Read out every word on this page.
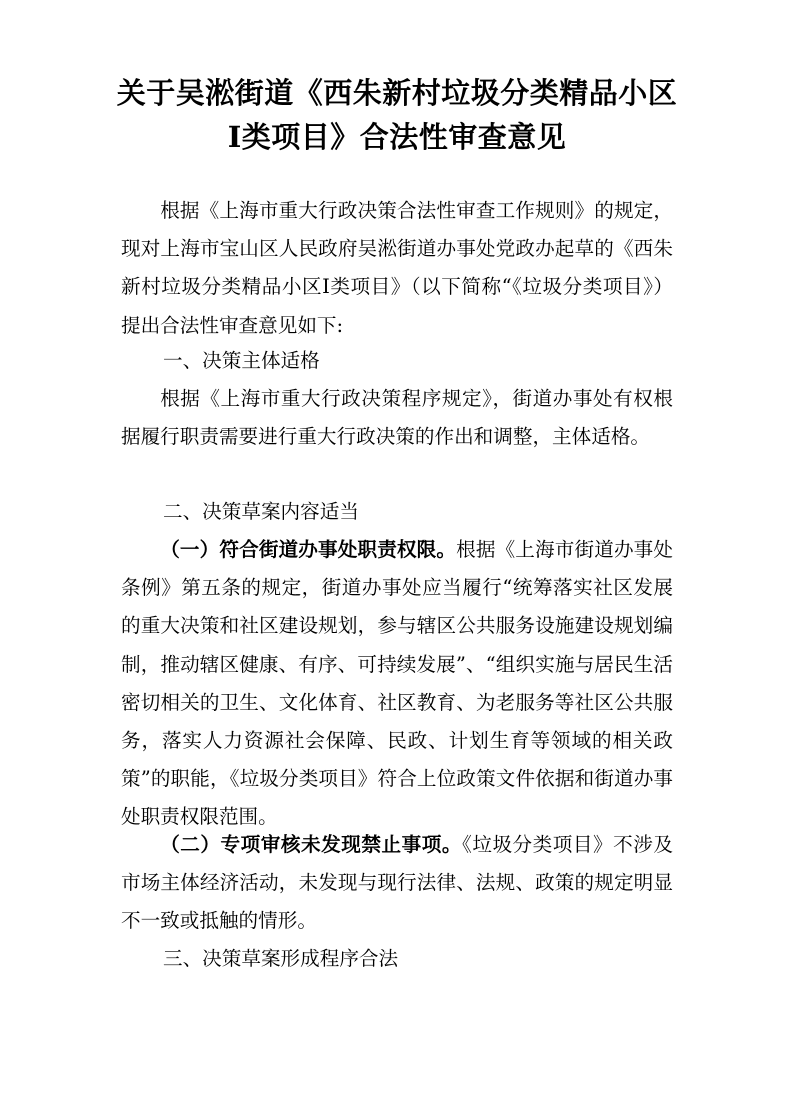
关于吴淞街道《西朱新村垃圾分类精品小区
Ⅰ类项目》合法性审查意见

根据《上海市重大行政决策合法性审查工作规则》的规定，现对上海市宝山区人民政府吴淞街道办事处党政办起草的《西朱新村垃圾分类精品小区Ⅰ类项目》（以下简称“《垃圾分类项目》）提出合法性审查意见如下:

一、决策主体适格

根据《上海市重大行政决策程序规定》，街道办事处有权根据履行职责需要进行重大行政决策的作出和调整，主体适格。

二、决策草案内容适当

（一）符合街道办事处职责权限。根据《上海市街道办事处条例》第五条的规定，街道办事处应当履行“统筹落实社区发展的重大决策和社区建设规划，参与辖区公共服务设施建设规划编制，推动辖区健康、有序、可持续发展”、“组织实施与居民生活密切相关的卫生、文化体育、社区教育、为老服务等社区公共服务，落实人力资源社会保障、民政、计划生育等领域的相关政策”的职能，《垃圾分类项目》符合上位政策文件依据和街道办事处职责权限范围。

（二）专项审核未发现禁止事项。《垃圾分类项目》不涉及市场主体经济活动，未发现与现行法律、法规、政策的规定明显不一致或抵触的情形。

三、决策草案形成程序合法
